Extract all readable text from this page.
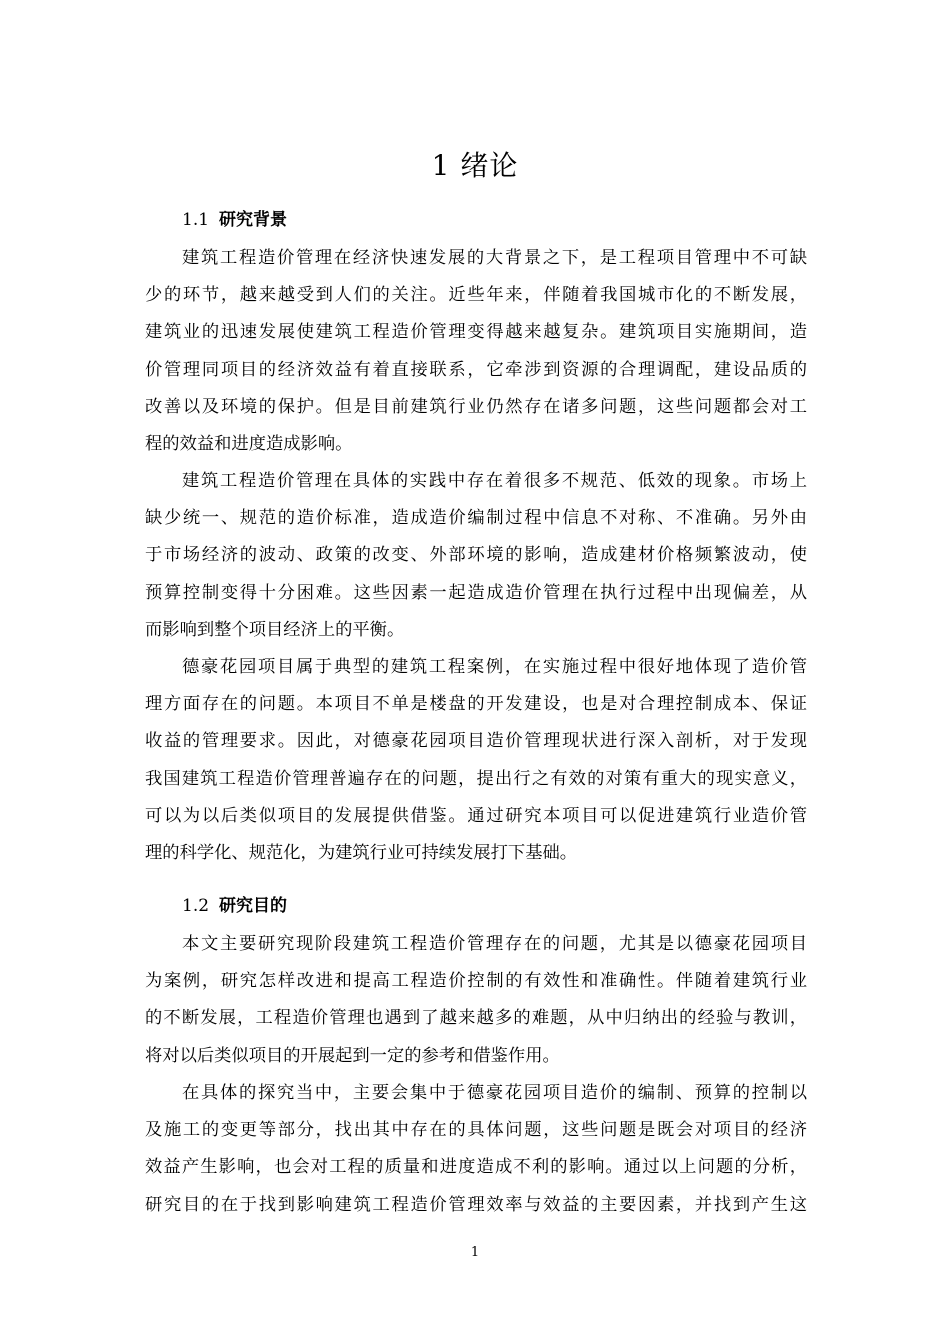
1 绪论
1.1 研究背景
建筑工程造价管理在经济快速发展的大背景之下，是工程项目管理中不可缺
少的环节，越来越受到人们的关注。近些年来，伴随着我国城市化的不断发展，
建筑业的迅速发展使建筑工程造价管理变得越来越复杂。建筑项目实施期间，造
价管理同项目的经济效益有着直接联系，它牵涉到资源的合理调配，建设品质的
改善以及环境的保护。但是目前建筑行业仍然存在诸多问题，这些问题都会对工
程的效益和进度造成影响。
建筑工程造价管理在具体的实践中存在着很多不规范、低效的现象。市场上
缺少统一、规范的造价标准，造成造价编制过程中信息不对称、不准确。另外由
于市场经济的波动、政策的改变、外部环境的影响，造成建材价格频繁波动，使
预算控制变得十分困难。这些因素一起造成造价管理在执行过程中出现偏差，从
而影响到整个项目经济上的平衡。
德豪花园项目属于典型的建筑工程案例，在实施过程中很好地体现了造价管
理方面存在的问题。本项目不单是楼盘的开发建设，也是对合理控制成本、保证
收益的管理要求。因此，对德豪花园项目造价管理现状进行深入剖析，对于发现
我国建筑工程造价管理普遍存在的问题，提出行之有效的对策有重大的现实意义，
可以为以后类似项目的发展提供借鉴。通过研究本项目可以促进建筑行业造价管
理的科学化、规范化，为建筑行业可持续发展打下基础。
1.2 研究目的
本文主要研究现阶段建筑工程造价管理存在的问题，尤其是以德豪花园项目
为案例，研究怎样改进和提高工程造价控制的有效性和准确性。伴随着建筑行业
的不断发展，工程造价管理也遇到了越来越多的难题，从中归纳出的经验与教训，
将对以后类似项目的开展起到一定的参考和借鉴作用。
在具体的探究当中，主要会集中于德豪花园项目造价的编制、预算的控制以
及施工的变更等部分，找出其中存在的具体问题，这些问题是既会对项目的经济
效益产生影响，也会对工程的质量和进度造成不利的影响。通过以上问题的分析，
研究目的在于找到影响建筑工程造价管理效率与效益的主要因素，并找到产生这
1
